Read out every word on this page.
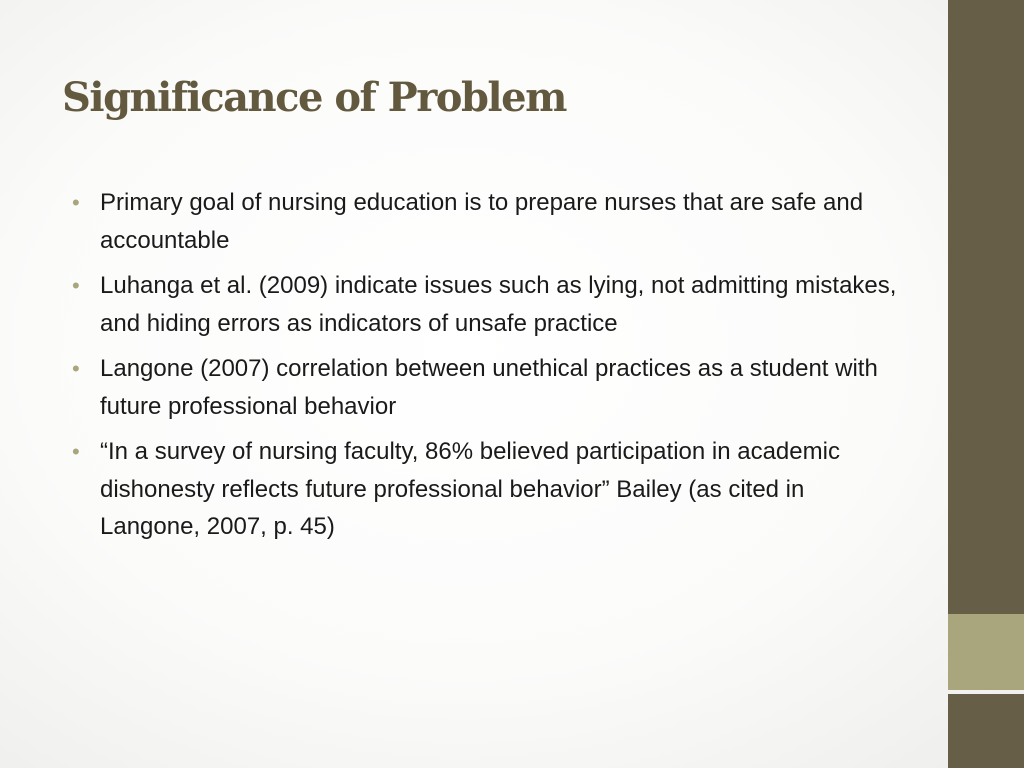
Significance of Problem
• Primary goal of nursing education is to prepare nurses that are safe and accountable
• Luhanga et al. (2009) indicate issues such as lying, not admitting mistakes, and hiding errors as indicators of unsafe practice
• Langone (2007) correlation between unethical practices as a student with future professional behavior
• “In a survey of nursing faculty, 86% believed participation in academic dishonesty reflects future professional behavior” Bailey (as cited in Langone, 2007, p. 45)
